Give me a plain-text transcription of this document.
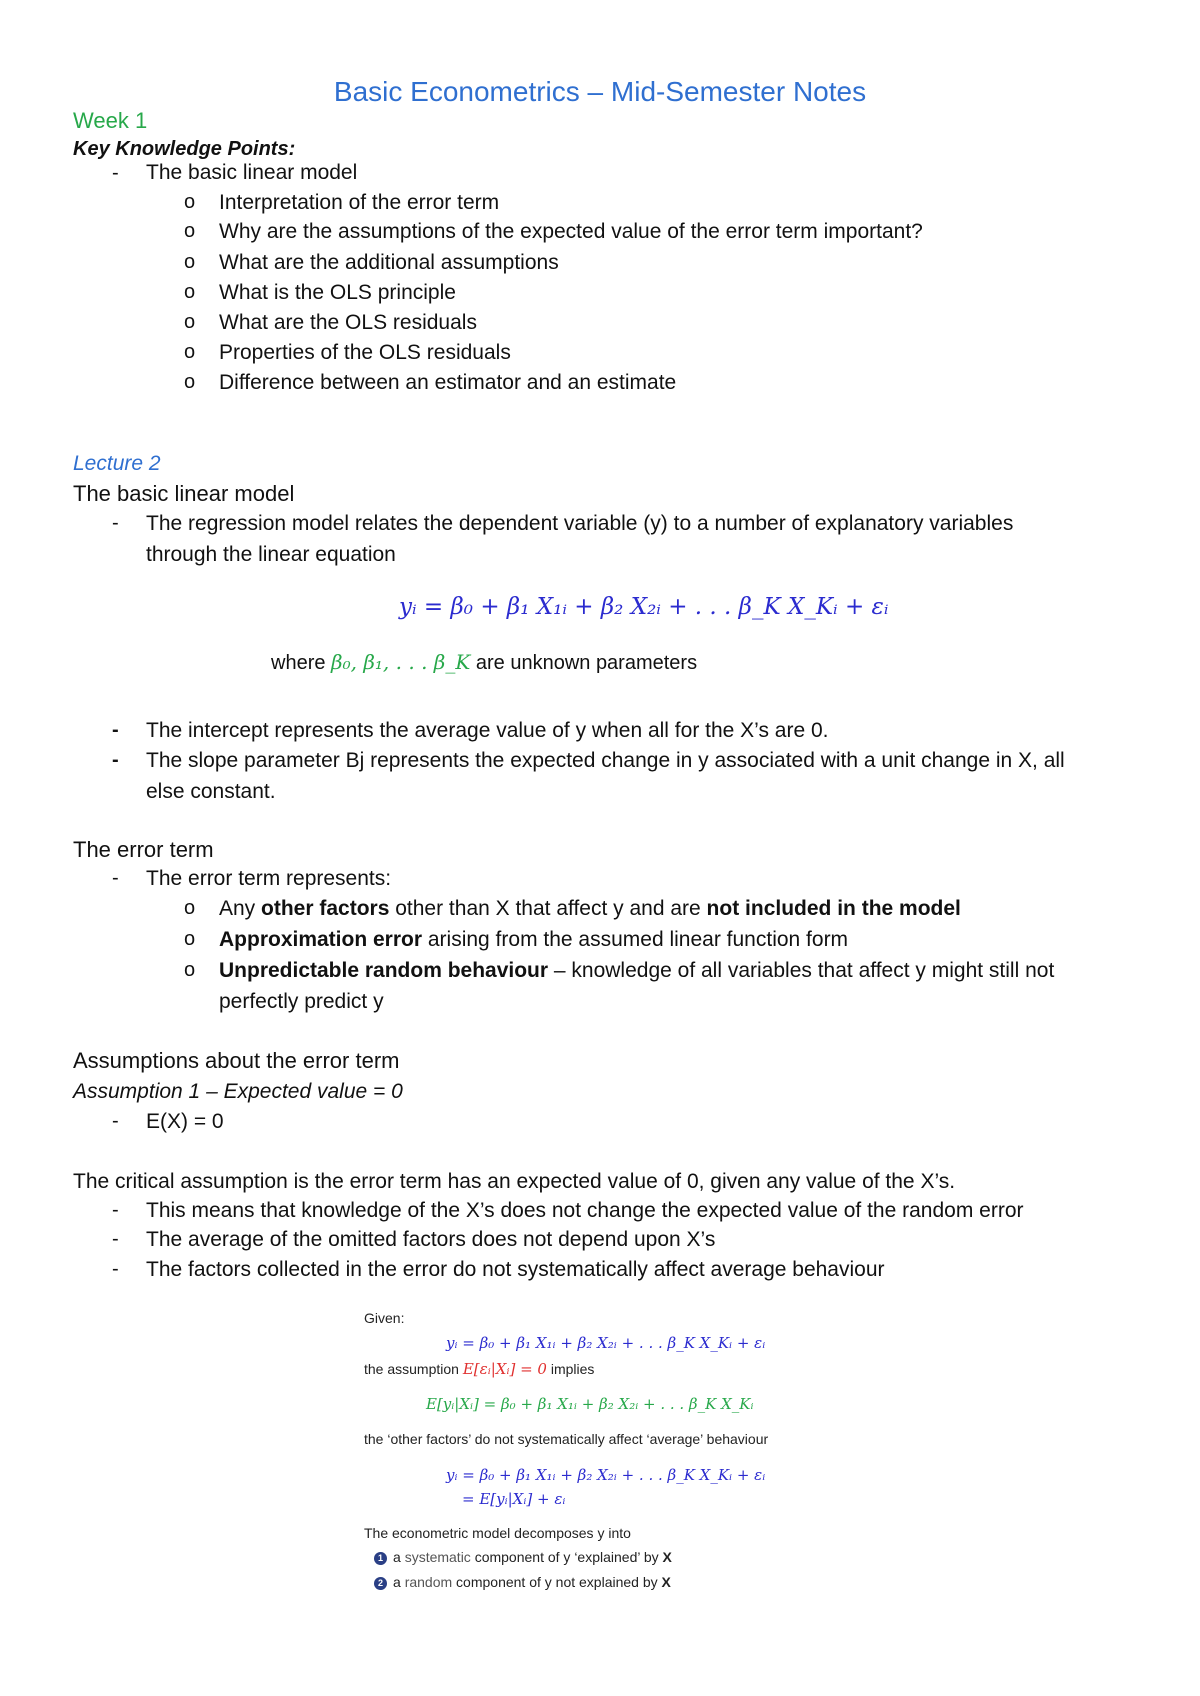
Basic Econometrics – Mid-Semester Notes
Week 1
Key Knowledge Points:
- The basic linear model
o Interpretation of the error term
o Why are the assumptions of the expected value of the error term important?
o What are the additional assumptions
o What is the OLS principle
o What are the OLS residuals
o Properties of the OLS residuals
o Difference between an estimator and an estimate
Lecture 2
The basic linear model
- The regression model relates the dependent variable (y) to a number of explanatory variables
through the linear equation
yᵢ = β₀ + β₁ X₁ᵢ + β₂ X₂ᵢ + . . . β_K X_Kᵢ + εᵢ
where β₀, β₁, . . . β_K are unknown parameters
- The intercept represents the average value of y when all for the X’s are 0.
- The slope parameter Bj represents the expected change in y associated with a unit change in X, all
else constant.
The error term
- The error term represents:
o Any other factors other than X that affect y and are not included in the model
o Approximation error arising from the assumed linear function form
o Unpredictable random behaviour – knowledge of all variables that affect y might still not
perfectly predict y
Assumptions about the error term
Assumption 1 – Expected value = 0
- E(X) = 0
The critical assumption is the error term has an expected value of 0, given any value of the X’s.
- This means that knowledge of the X’s does not change the expected value of the random error
- The average of the omitted factors does not depend upon X’s
- The factors collected in the error do not systematically affect average behaviour
Given:
yᵢ = β₀ + β₁ X₁ᵢ + β₂ X₂ᵢ + . . . β_K X_Kᵢ + εᵢ
the assumption E[εᵢ|Xᵢ] = 0 implies
E[yᵢ|Xᵢ] = β₀ + β₁ X₁ᵢ + β₂ X₂ᵢ + . . . β_K X_Kᵢ
the ‘other factors’ do not systematically affect ‘average’ behaviour
yᵢ = β₀ + β₁ X₁ᵢ + β₂ X₂ᵢ + . . . β_K X_Kᵢ + εᵢ
= E[yᵢ|Xᵢ] + εᵢ
The econometric model decomposes y into
1 a systematic component of y ‘explained’ by X
2 a random component of y not explained by X
